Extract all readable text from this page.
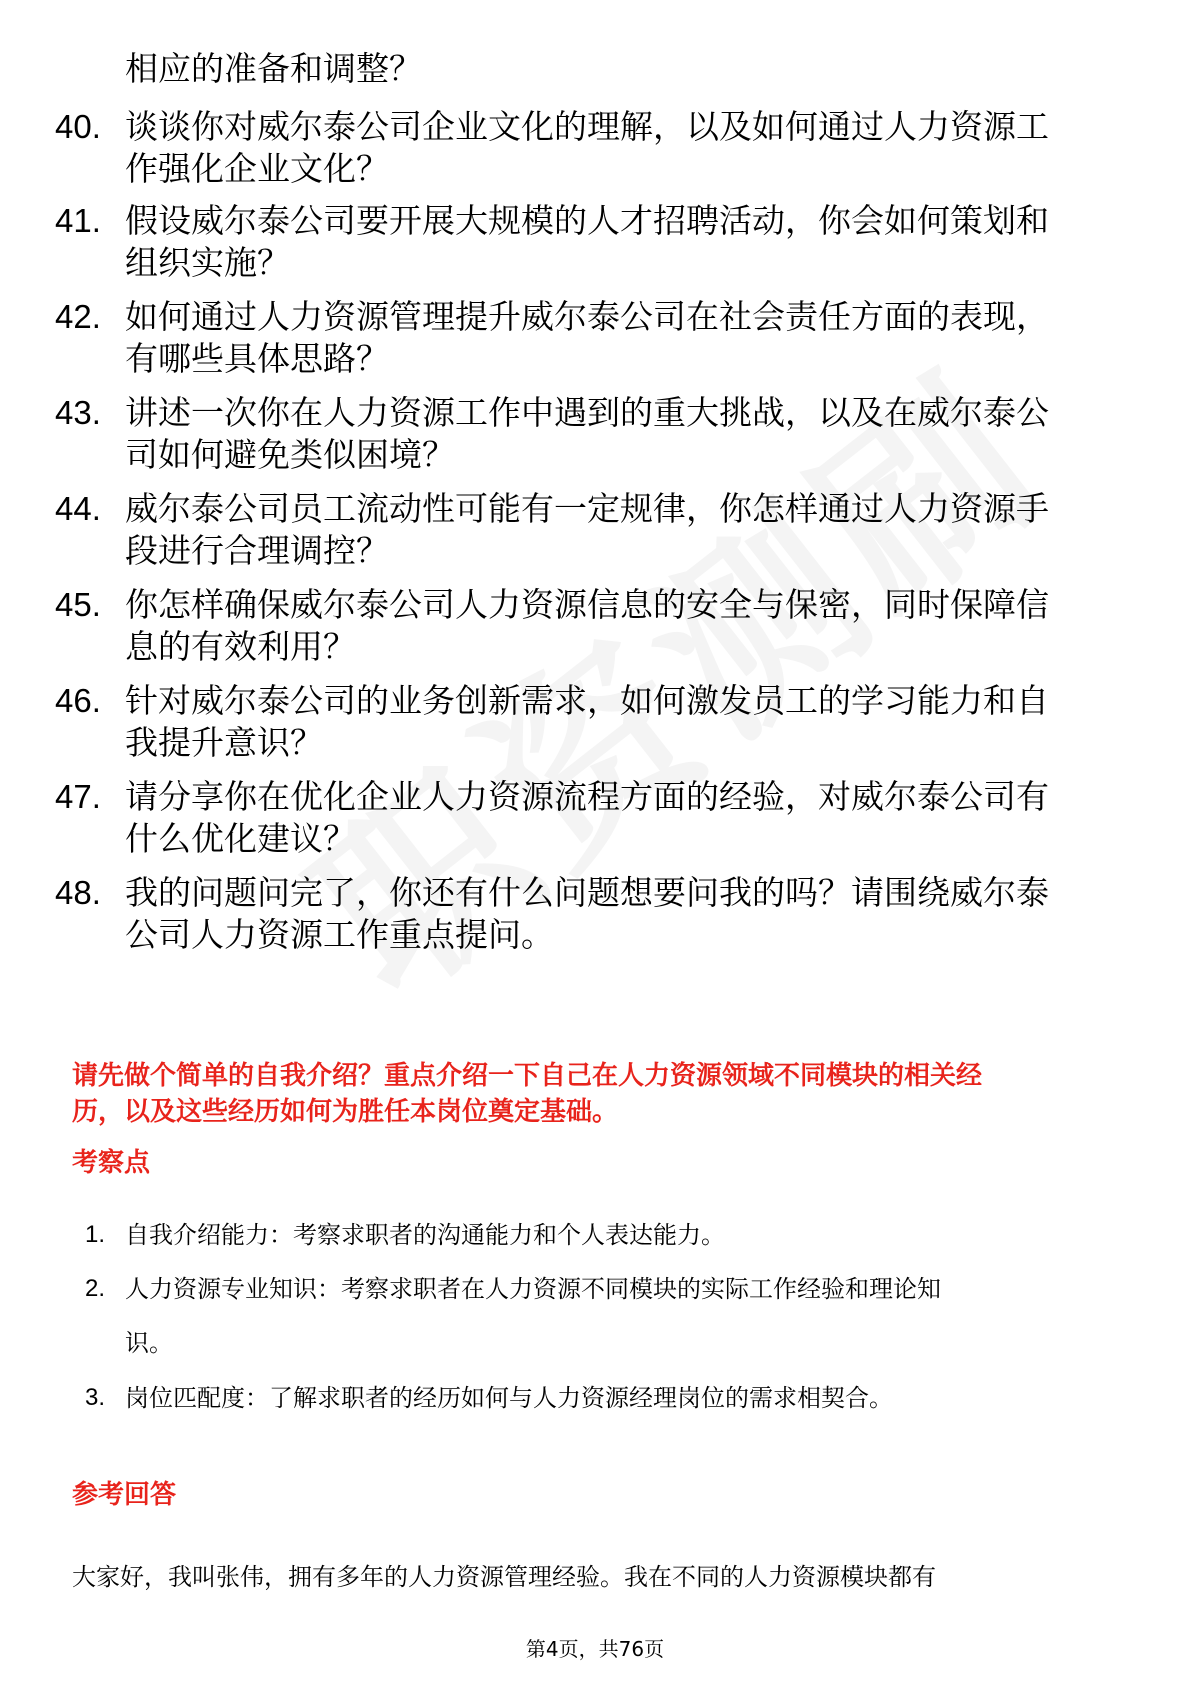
相应的准备和调整？
40. 谈谈你对威尔泰公司企业文化的理解，以及如何通过人力资源工
作强化企业文化？
41. 假设威尔泰公司要开展大规模的人才招聘活动，你会如何策划和
组织实施？
42. 如何通过人力资源管理提升威尔泰公司在社会责任方面的表现，
有哪些具体思路？
43. 讲述一次你在人力资源工作中遇到的重大挑战，以及在威尔泰公
司如何避免类似困境？
44. 威尔泰公司员工流动性可能有一定规律，你怎样通过人力资源手
段进行合理调控？
45. 你怎样确保威尔泰公司人力资源信息的安全与保密，同时保障信
息的有效利用？
46. 针对威尔泰公司的业务创新需求，如何激发员工的学习能力和自
我提升意识？
47. 请分享你在优化企业人力资源流程方面的经验，对威尔泰公司有
什么优化建议？
48. 我的问题问完了，你还有什么问题想要问我的吗？请围绕威尔泰
公司人力资源工作重点提问。
请先做个简单的自我介绍？重点介绍一下自己在人力资源领域不同模块的相关经
历，以及这些经历如何为胜任本岗位奠定基础。
考察点
1. 自我介绍能力：考察求职者的沟通能力和个人表达能力。
2. 人力资源专业知识：考察求职者在人力资源不同模块的实际工作经验和理论知
识。
3. 岗位匹配度：了解求职者的经历如何与人力资源经理岗位的需求相契合。
参考回答
大家好，我叫张伟，拥有多年的人力资源管理经验。我在不同的人力资源模块都有
第4页，共76页
